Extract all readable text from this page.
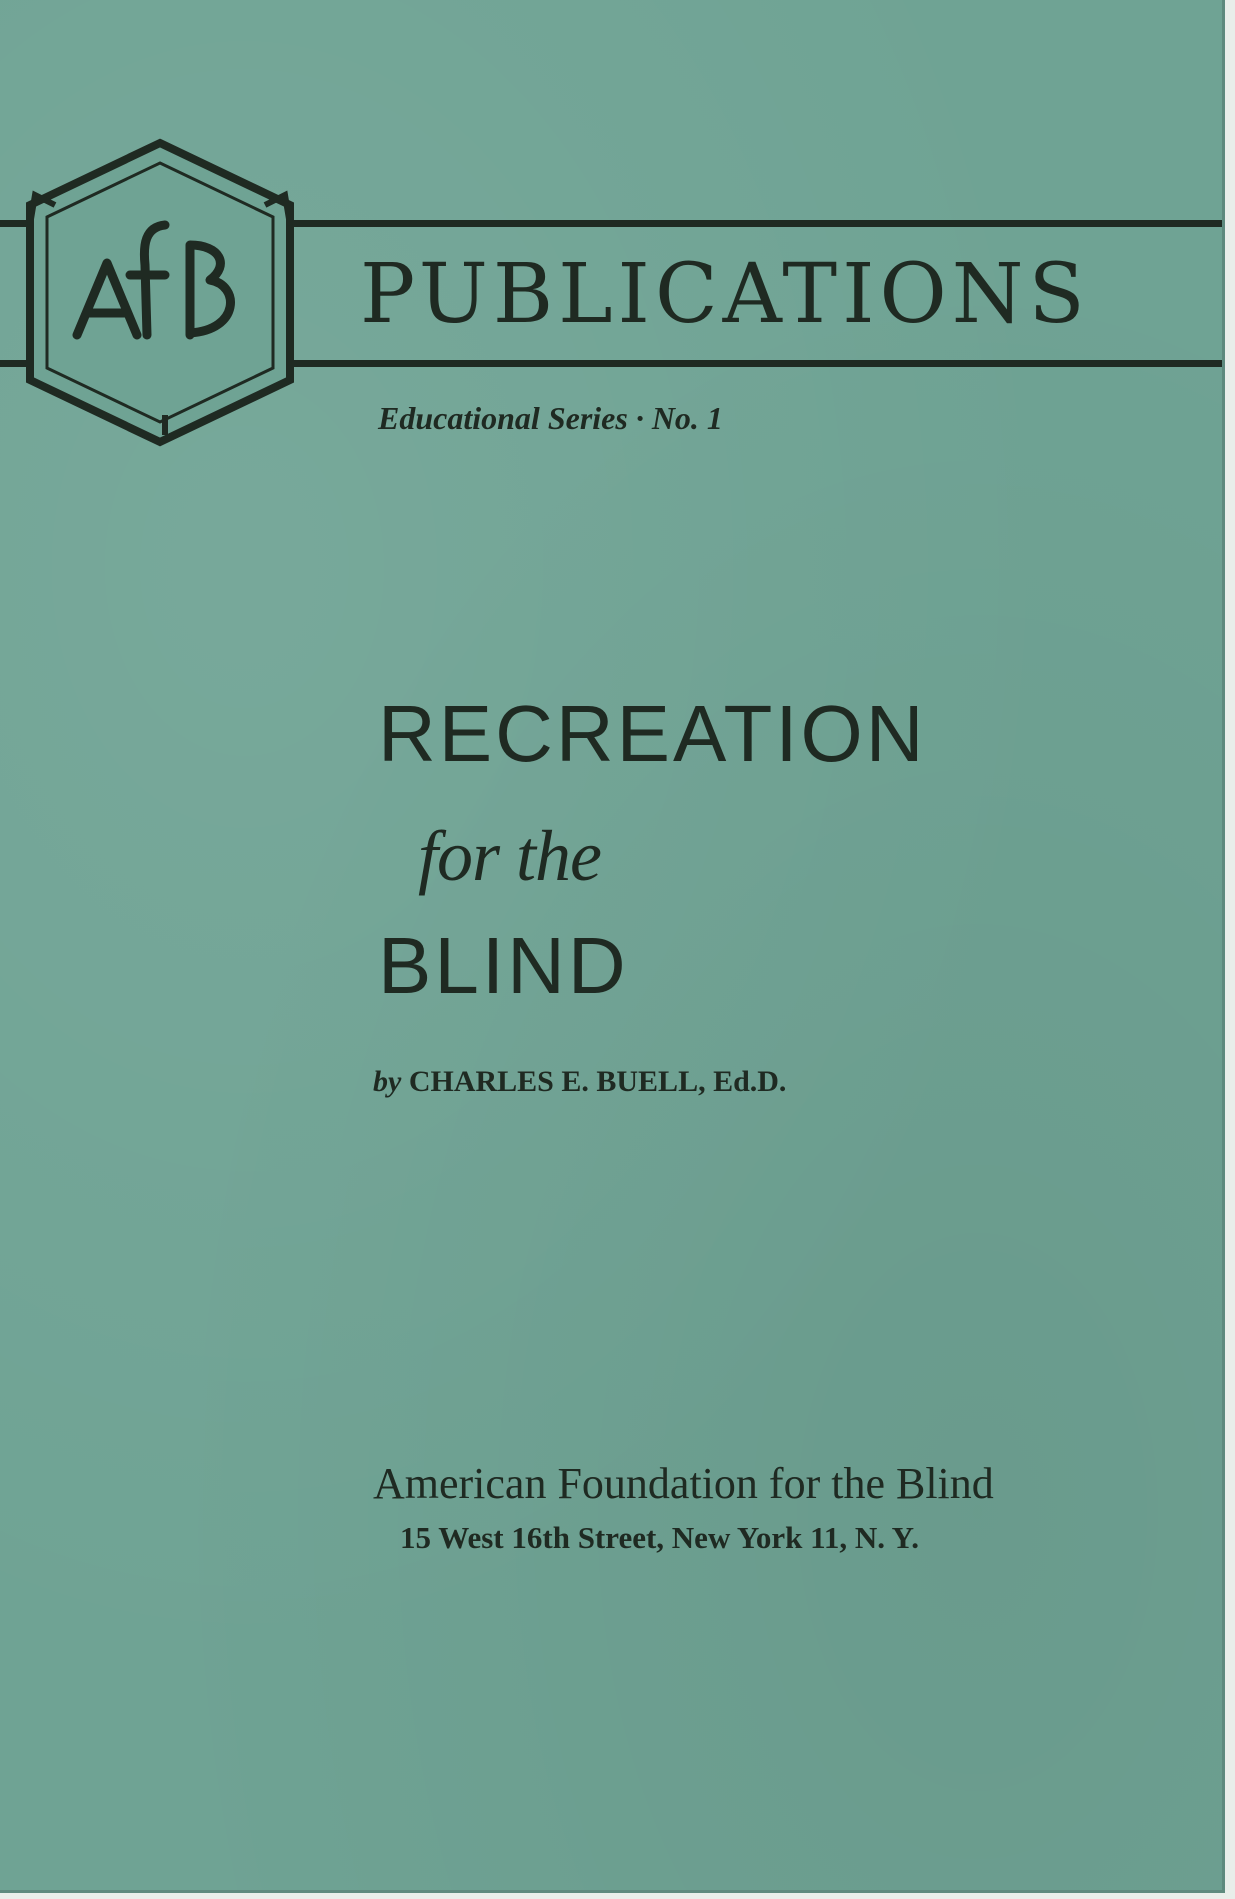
PUBLICATIONS
Educational Series · No. 1
RECREATION
for the
BLIND
by CHARLES E. BUELL, Ed.D.
American Foundation for the Blind
15 West 16th Street, New York 11, N. Y.
